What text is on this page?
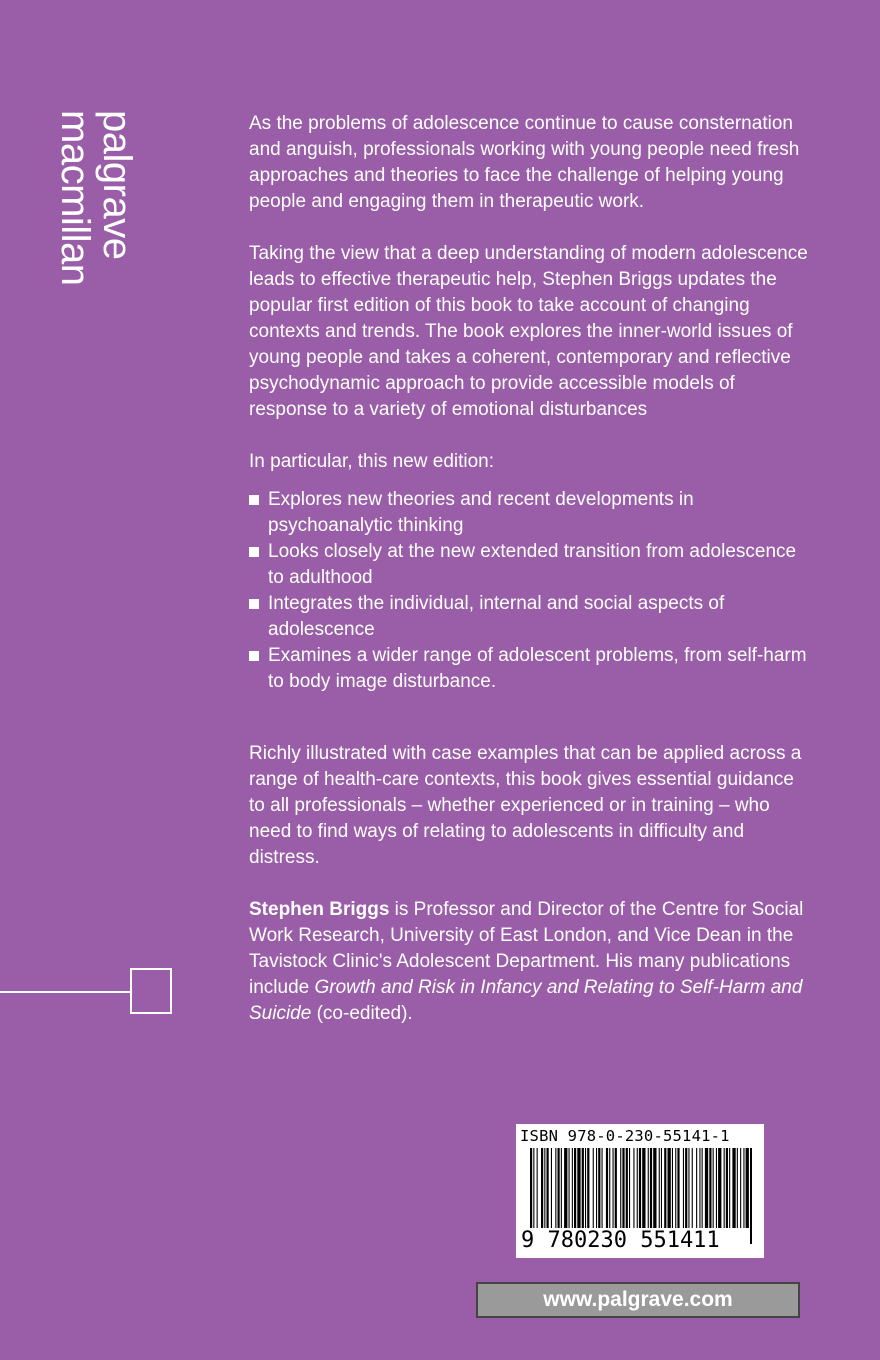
palgrave
macmillan	As the problems of adolescence continue to cause consternation and anguish, professionals working with young people need fresh approaches and theories to face the challenge of helping young people and engaging them in therapeutic work.

Taking the view that a deep understanding of modern adolescence leads to effective therapeutic help, Stephen Briggs updates the popular first edition of this book to take account of changing contexts and trends. The book explores the inner-world issues of young people and takes a coherent, contemporary and reflective psychodynamic approach to provide accessible models of response to a variety of emotional disturbances

In particular, this new edition:

Explores new theories and recent developments in psychoanalytic thinking
Looks closely at the new extended transition from adolescence to adulthood
Integrates the individual, internal and social aspects of adolescence
Examines a wider range of adolescent problems, from self-harm to body image disturbance.

Richly illustrated with case examples that can be applied across a range of health-care contexts, this book gives essential guidance to all professionals – whether experienced or in training – who need to find ways of relating to adolescents in difficulty and distress.

Stephen Briggs is Professor and Director of the Centre for Social Work Research, University of East London, and Vice Dean in the Tavistock Clinic's Adolescent Department. His many publications include Growth and Risk in Infancy and Relating to Self-Harm and Suicide (co-edited).

ISBN 978-0-230-55141-1
9 780230 551411
www.palgrave.com
